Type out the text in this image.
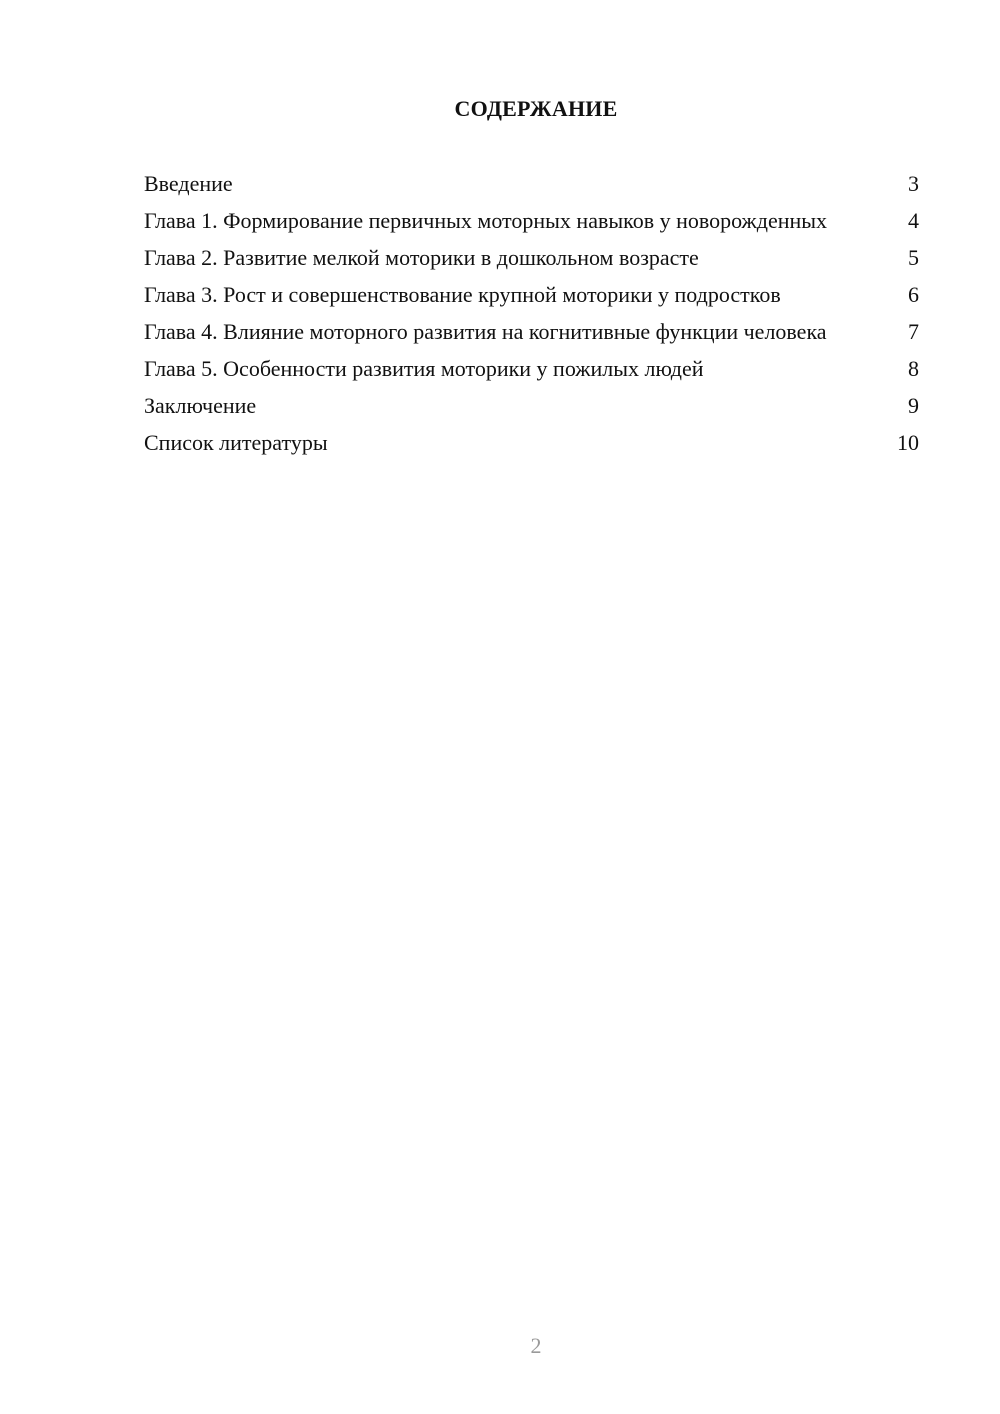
СОДЕРЖАНИЕ
Введение	3
Глава 1. Формирование первичных моторных навыков у новорожденных	4
Глава 2. Развитие мелкой моторики в дошкольном возрасте	5
Глава 3. Рост и совершенствование крупной моторики у подростков	6
Глава 4. Влияние моторного развития на когнитивные функции человека	7
Глава 5. Особенности развития моторики у пожилых людей	8
Заключение	9
Список литературы	10
2
